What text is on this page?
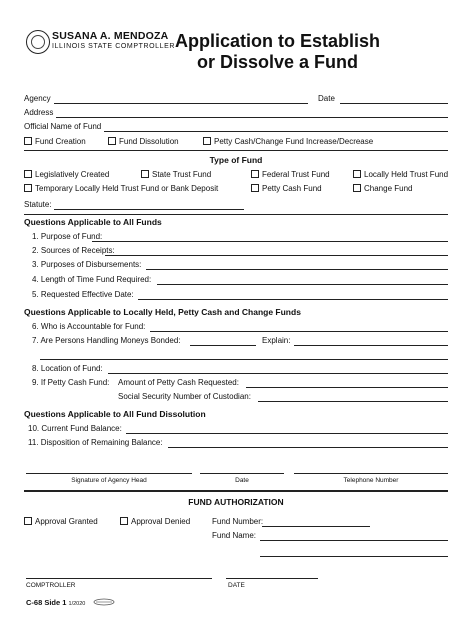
SUSANA A. MENDOZA
ILLINOIS STATE COMPTROLLER Application to Establish
or Dissolve a Fund
Agency	Date
Address
Official Name of Fund
Fund Creation	Fund Dissolution	Petty Cash/Change Fund Increase/Decrease
Type of Fund
Legislatively Created	State Trust Fund	Federal Trust Fund	Locally Held Trust Fund
Temporary Locally Held Trust Fund or Bank Deposit	Petty Cash Fund	Change Fund
Statute:
Questions Applicable to All Funds
1. Purpose of Fund:
2. Sources of Receipts:
3. Purposes of Disbursements:
4. Length of Time Fund Required:
5. Requested Effective Date:
Questions Applicable to Locally Held, Petty Cash and Change Funds
6. Who is Accountable for Fund:
7. Are Persons Handling Moneys Bonded:	Explain:
8. Location of Fund:
9. If Petty Cash Fund: Amount of Petty Cash Requested:
Social Security Number of Custodian:
Questions Applicable to All Fund Dissolution
10. Current Fund Balance:
11. Disposition of Remaining Balance:
Signature of Agency Head	Date	Telephone Number
FUND AUTHORIZATION
Approval Granted	Approval Denied	Fund Number:
Fund Name:
COMPTROLLER	DATE
C-68 Side 1 1/2020
